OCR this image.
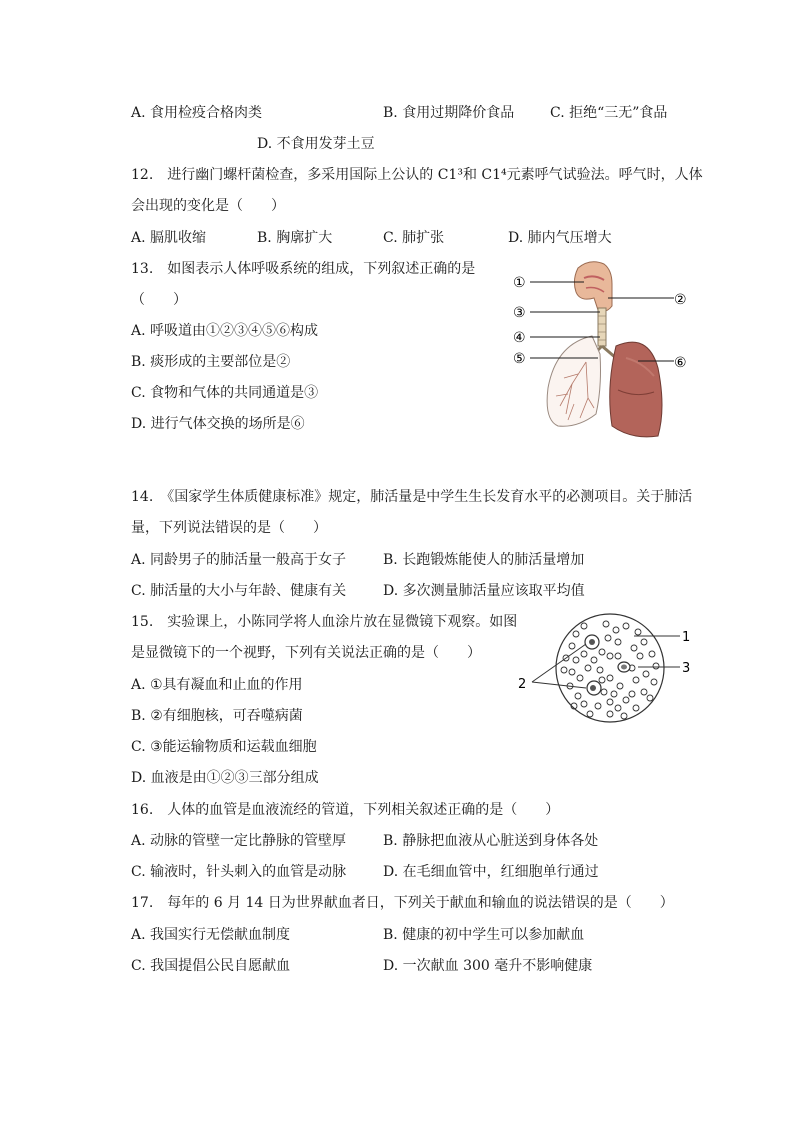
A. 食用检疫合格肉类	B. 食用过期降价食品	C. 拒绝“三无”食品
D. 不食用发芽土豆
12.　进行幽门螺杆菌检查，多采用国际上公认的 C1³和 C1⁴元素呼气试验法。呼气时，人体
会出现的变化是（　　）
A. 膈肌收缩	B. 胸廓扩大	C. 肺扩张	D. 肺内气压增大
13.　如图表示人体呼吸系统的组成，下列叙述正确的是
（　　）
A. 呼吸道由①②③④⑤⑥构成
B. 痰形成的主要部位是②
C. 食物和气体的共同通道是③
D. 进行气体交换的场所是⑥
①
②
③
④
⑤	⑥
14.　《国家学生体质健康标准》规定，肺活量是中学生生长发育水平的必测项目。关于肺活
量，下列说法错误的是（　　）
A. 同龄男子的肺活量一般高于女子	B. 长跑锻炼能使人的肺活量增加
C. 肺活量的大小与年龄、健康有关	D. 多次测量肺活量应该取平均值
15.　实验课上，小陈同学将人血涂片放在显微镜下观察。如图
是显微镜下的一个视野，下列有关说法正确的是（　　）
A. ①具有凝血和止血的作用
B. ②有细胞核，可吞噬病菌
C. ③能运输物质和运载血细胞
D. 血液是由①②③三部分组成
1
2
3
16.　人体的血管是血液流经的管道，下列相关叙述正确的是（　　）
A. 动脉的管壁一定比静脉的管壁厚	B. 静脉把血液从心脏送到身体各处
C. 输液时，针头刺入的血管是动脉	D. 在毛细血管中，红细胞单行通过
17.　每年的 6 月 14 日为世界献血者日，下列关于献血和输血的说法错误的是（　　）
A. 我国实行无偿献血制度	B. 健康的初中学生可以参加献血
C. 我国提倡公民自愿献血	D. 一次献血 300 毫升不影响健康
